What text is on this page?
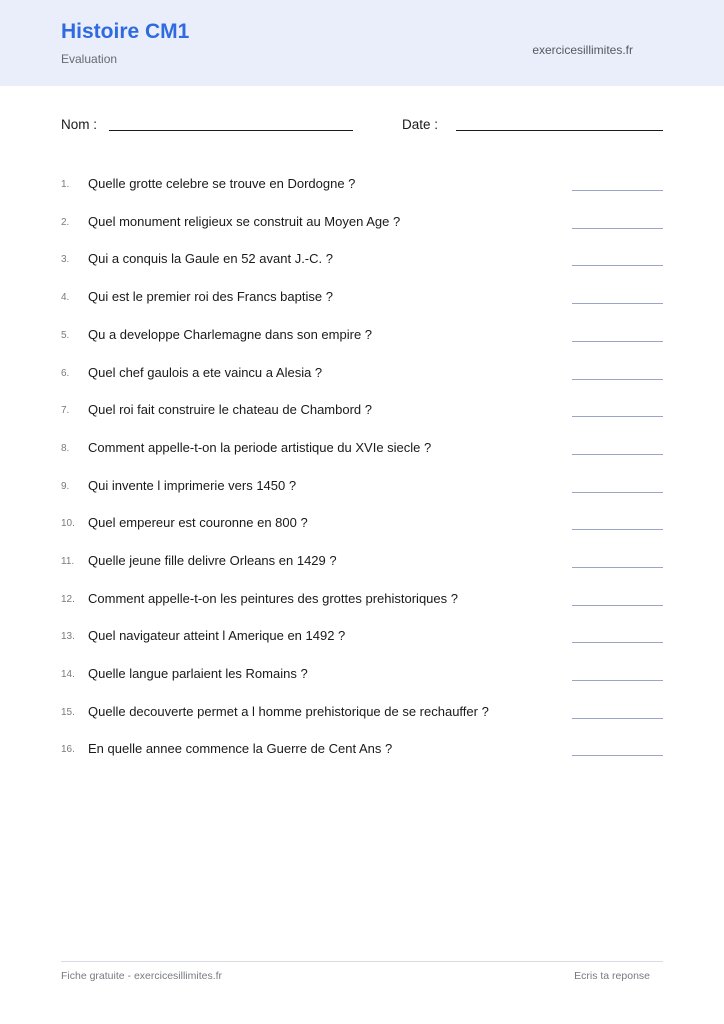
Histoire CM1
Evaluation
exercicesillimites.fr
Nom :	Date :
1.	Quelle grotte celebre se trouve en Dordogne ?
2.	Quel monument religieux se construit au Moyen Age ?
3.	Qui a conquis la Gaule en 52 avant J.-C. ?
4.	Qui est le premier roi des Francs baptise ?
5.	Qu a developpe Charlemagne dans son empire ?
6.	Quel chef gaulois a ete vaincu a Alesia ?
7.	Quel roi fait construire le chateau de Chambord ?
8.	Comment appelle-t-on la periode artistique du XVIe siecle ?
9.	Qui invente l imprimerie vers 1450 ?
10.	Quel empereur est couronne en 800 ?
11.	Quelle jeune fille delivre Orleans en 1429 ?
12.	Comment appelle-t-on les peintures des grottes prehistoriques ?
13.	Quel navigateur atteint l Amerique en 1492 ?
14.	Quelle langue parlaient les Romains ?
15.	Quelle decouverte permet a l homme prehistorique de se rechauffer ?
16.	En quelle annee commence la Guerre de Cent Ans ?
Fiche gratuite - exercicesillimites.fr	Ecris ta reponse
